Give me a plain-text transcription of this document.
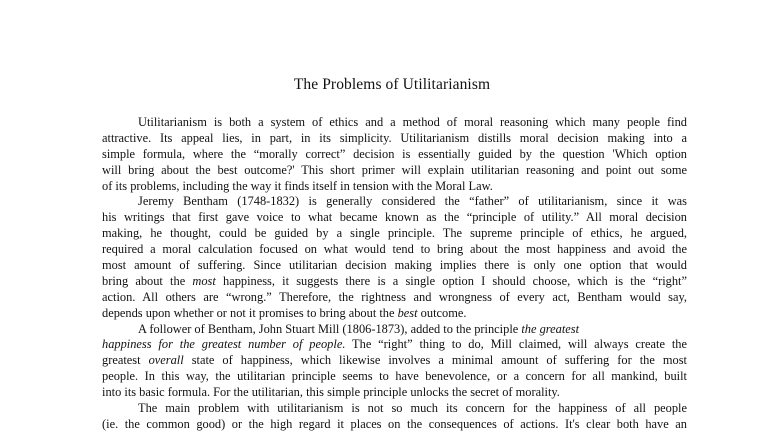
The Problems of Utilitarianism
Utilitarianism is both a system of ethics and a method of moral reasoning which many people find
attractive. Its appeal lies, in part, in its simplicity. Utilitarianism distills moral decision making into a
simple formula, where the “morally correct” decision is essentially guided by the question 'Which option
will bring about the best outcome?' This short primer will explain utilitarian reasoning and point out some
of its problems, including the way it finds itself in tension with the Moral Law.
Jeremy Bentham (1748-1832) is generally considered the “father” of utilitarianism, since it was
his writings that first gave voice to what became known as the “principle of utility.” All moral decision
making, he thought, could be guided by a single principle. The supreme principle of ethics, he argued,
required a moral calculation focused on what would tend to bring about the most happiness and avoid the
most amount of suffering. Since utilitarian decision making implies there is only one option that would
bring about the most happiness, it suggests there is a single option I should choose, which is the “right”
action. All others are “wrong.” Therefore, the rightness and wrongness of every act, Bentham would say,
depends upon whether or not it promises to bring about the best outcome.
A follower of Bentham, John Stuart Mill (1806-1873), added to the principle the greatest
happiness for the greatest number of people. The “right” thing to do, Mill claimed, will always create the
greatest overall state of happiness, which likewise involves a minimal amount of suffering for the most
people. In this way, the utilitarian principle seems to have benevolence, or a concern for all mankind, built
into its basic formula. For the utilitarian, this simple principle unlocks the secret of morality.
The main problem with utilitarianism is not so much its concern for the happiness of all people
(ie. the common good) or the high regard it places on the consequences of actions. It's clear both have an
